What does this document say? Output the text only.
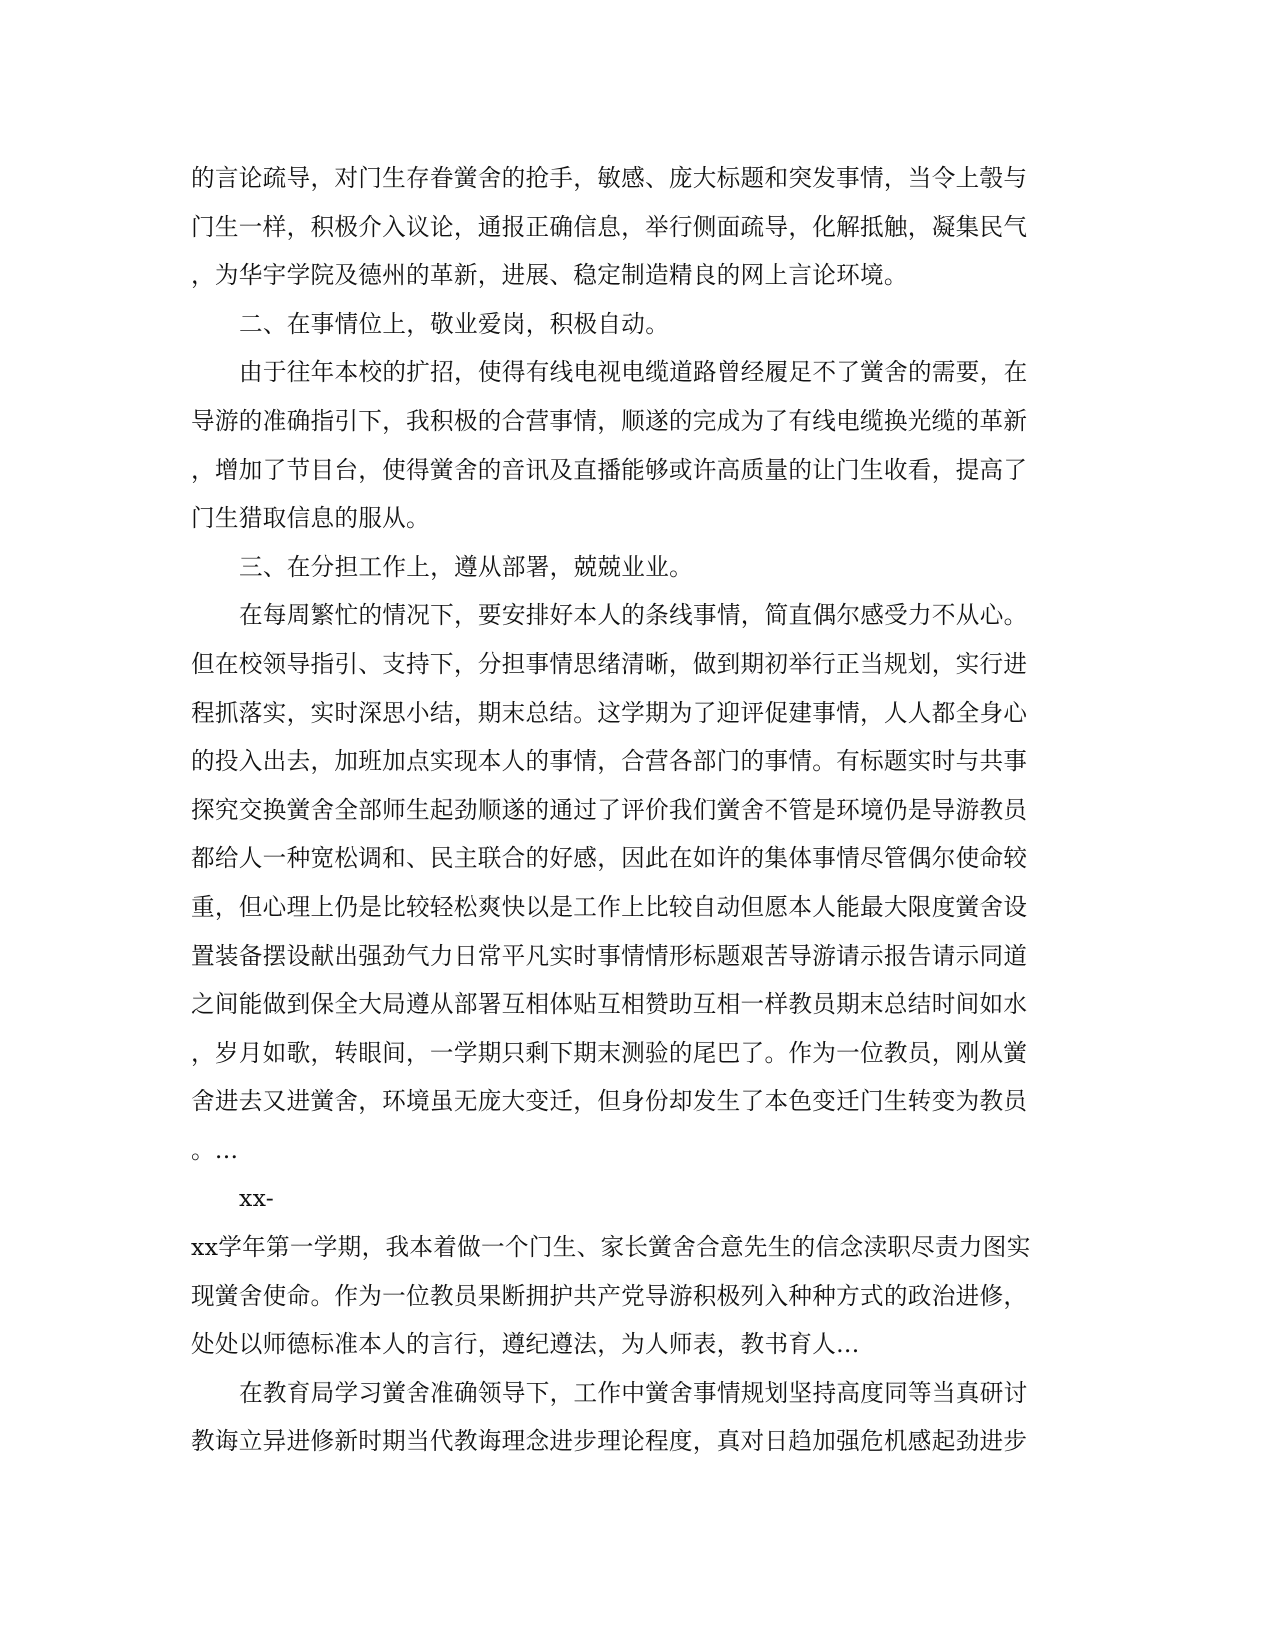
的言论疏导，对门生存眷黉舍的抢手，敏感、庞大标题和突发事情，当令上彀与
门生一样，积极介入议论，通报正确信息，举行侧面疏导，化解抵触，凝集民气
，为华宇学院及德州的革新，进展、稳定制造精良的网上言论环境。
二、在事情位上，敬业爱岗，积极自动。
由于往年本校的扩招，使得有线电视电缆道路曾经履足不了黉舍的需要，在
导游的准确指引下，我积极的合营事情，顺遂的完成为了有线电缆换光缆的革新
，增加了节目台，使得黉舍的音讯及直播能够或许高质量的让门生收看，提高了
门生猎取信息的服从。
三、在分担工作上，遵从部署，兢兢业业。
在每周繁忙的情况下，要安排好本人的条线事情，简直偶尔感受力不从心。
但在校领导指引、支持下，分担事情思绪清晰，做到期初举行正当规划，实行进
程抓落实，实时深思小结，期末总结。这学期为了迎评促建事情，人人都全身心
的投入出去，加班加点实现本人的事情，合营各部门的事情。有标题实时与共事
探究交换黉舍全部师生起劲顺遂的通过了评价我们黉舍不管是环境仍是导游教员
都给人一种宽松调和、民主联合的好感，因此在如许的集体事情尽管偶尔使命较
重，但心理上仍是比较轻松爽快以是工作上比较自动但愿本人能最大限度黉舍设
置装备摆设献出强劲气力日常平凡实时事情情形标题艰苦导游请示报告请示同道
之间能做到保全大局遵从部署互相体贴互相赞助互相一样教员期末总结时间如水
，岁月如歌，转眼间，一学期只剩下期末测验的尾巴了。作为一位教员，刚从黉
舍进去又进黉舍，环境虽无庞大变迁，但身份却发生了本色变迁门生转变为教员
。...
xx-
xx学年第一学期，我本着做一个门生、家长黉舍合意先生的信念渎职尽责力图实
现黉舍使命。作为一位教员果断拥护共产党导游积极列入种种方式的政治进修，
处处以师德标准本人的言行，遵纪遵法，为人师表，教书育人...
在教育局学习黉舍准确领导下，工作中黉舍事情规划坚持高度同等当真研讨
教诲立异进修新时期当代教诲理念进步理论程度，真对日趋加强危机感起劲进步
